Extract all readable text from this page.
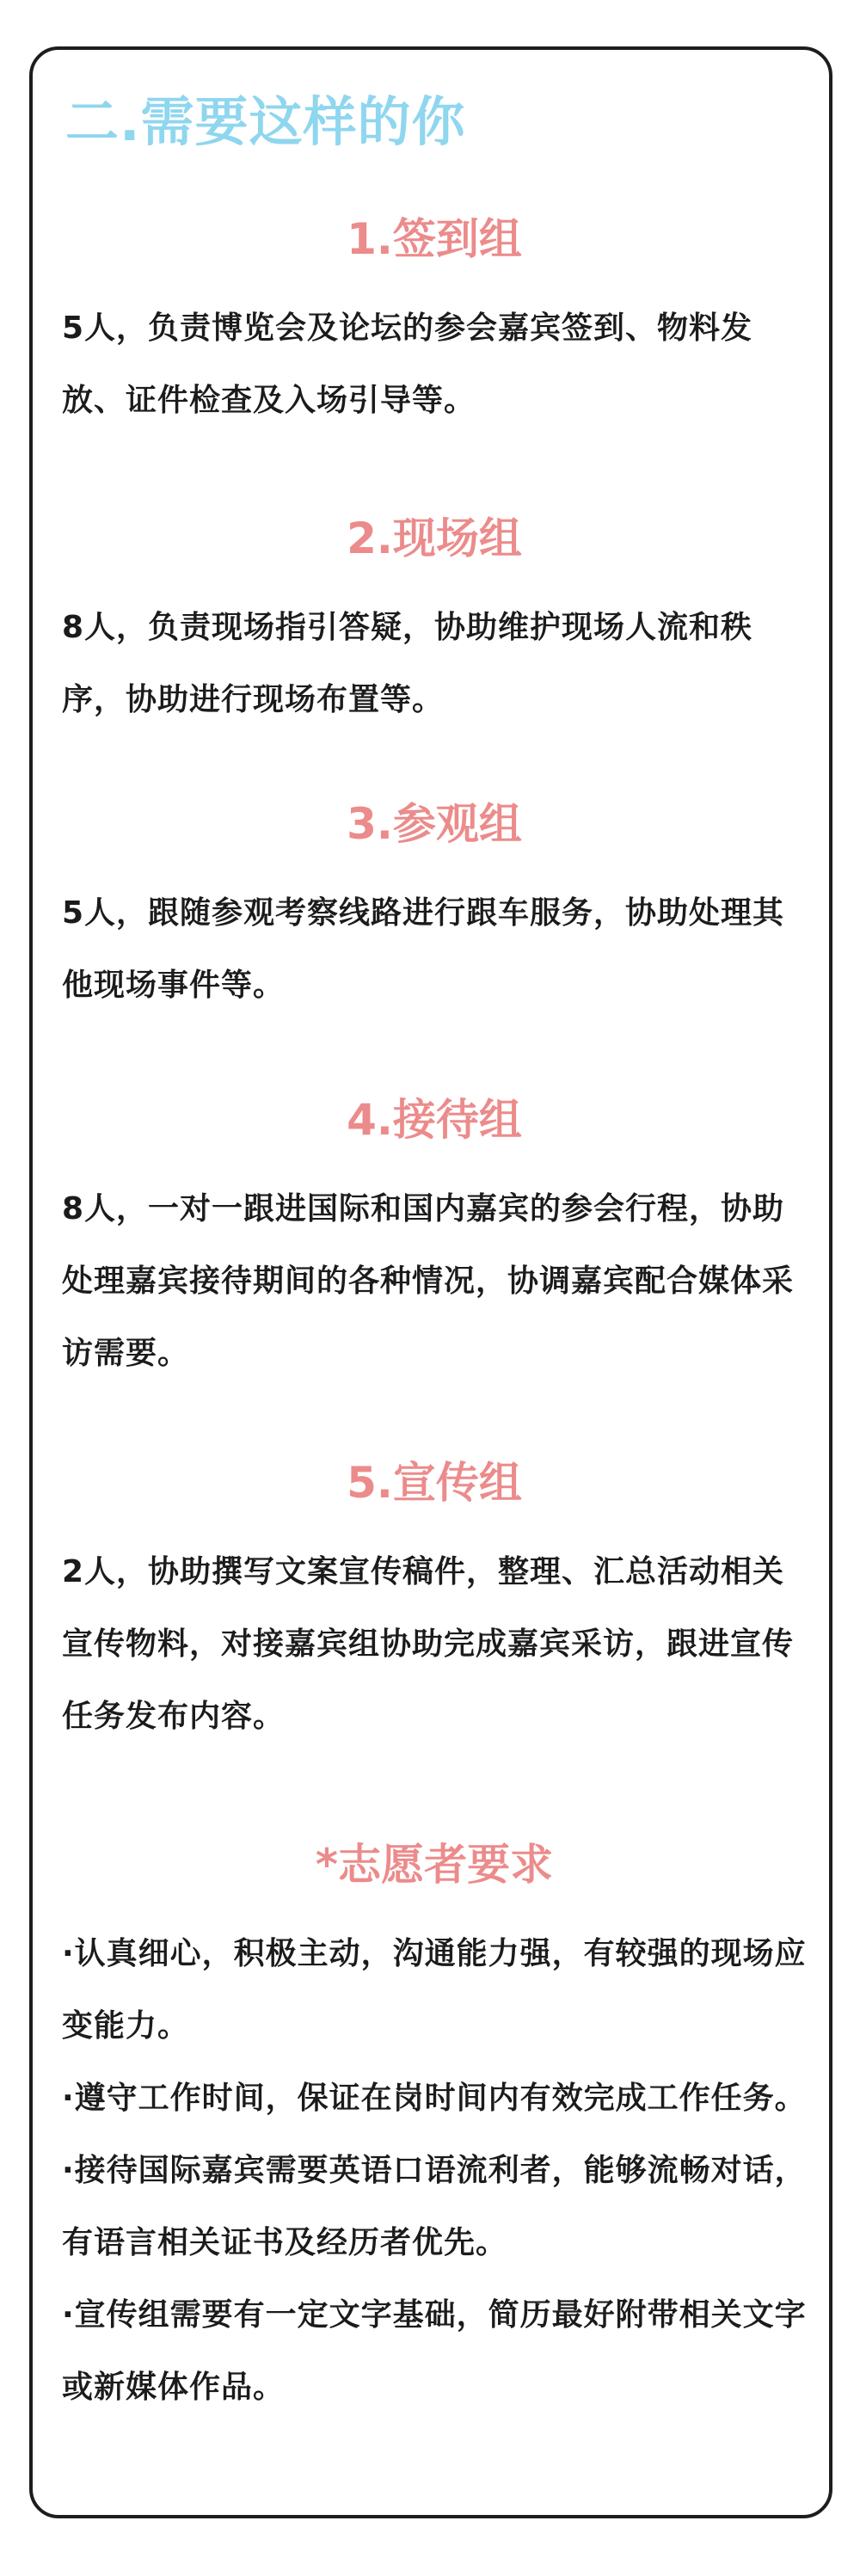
二.需要这样的你
1.签到组
5人，负责博览会及论坛的参会嘉宾签到、物料发放、证件检查及入场引导等。
2.现场组
8人，负责现场指引答疑，协助维护现场人流和秩序，协助进行现场布置等。
3.参观组
5人，跟随参观考察线路进行跟车服务，协助处理其他现场事件等。
4.接待组
8人，一对一跟进国际和国内嘉宾的参会行程，协助处理嘉宾接待期间的各种情况，协调嘉宾配合媒体采访需要。
5.宣传组
2人，协助撰写文案宣传稿件，整理、汇总活动相关宣传物料，对接嘉宾组协助完成嘉宾采访，跟进宣传任务发布内容。
*志愿者要求
·认真细心，积极主动，沟通能力强，有较强的现场应变能力。
·遵守工作时间，保证在岗时间内有效完成工作任务。
·接待国际嘉宾需要英语口语流利者，能够流畅对话，有语言相关证书及经历者优先。
·宣传组需要有一定文字基础，简历最好附带相关文字或新媒体作品。
